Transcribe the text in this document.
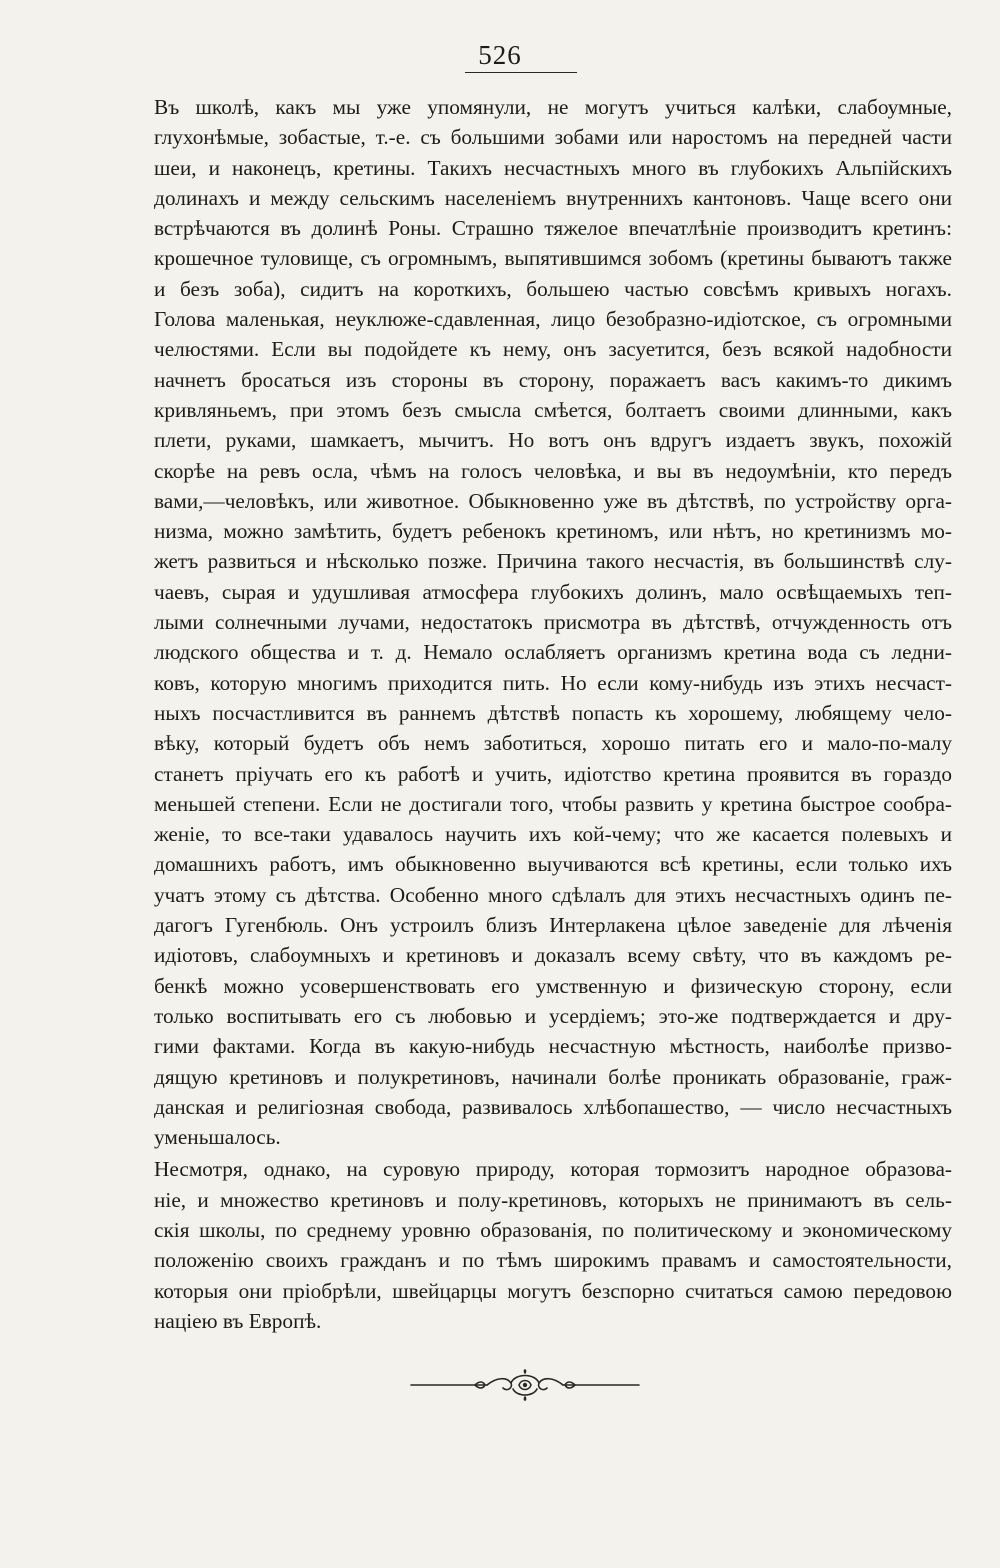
526

Въ школѣ, какъ мы уже упомянули, не могутъ учиться калѣки, слабоумные,
глухонѣмые, зобастые, т.-е. съ большими зобами или наростомъ на передней части
шеи, и наконецъ, кретины. Такихъ несчастныхъ много въ глубокихъ Альпійскихъ
долинахъ и между сельскимъ населеніемъ внутреннихъ кантоновъ. Чаще всего они
встрѣчаются въ долинѣ Роны. Страшно тяжелое впечатлѣніе производитъ кретинъ:
крошечное туловище, съ огромнымъ, выпятившимся зобомъ (кретины бываютъ также
и безъ зоба), сидитъ на короткихъ, большею частью совсѣмъ кривыхъ ногахъ.
Голова маленькая, неуклюже-сдавленная, лицо безобразно-идіотское, съ огромными
челюстями. Если вы подойдете къ нему, онъ засуетится, безъ всякой надобности
начнетъ бросаться изъ стороны въ сторону, поражаетъ васъ какимъ-то дикимъ
кривляньемъ, при этомъ безъ смысла смѣется, болтаетъ своими длинными, какъ
плети, руками, шамкаетъ, мычитъ. Но вотъ онъ вдругъ издаетъ звукъ, похожій
скорѣе на ревъ осла, чѣмъ на голосъ человѣка, и вы въ недоумѣніи, кто передъ
вами,—человѣкъ, или животное. Обыкновенно уже въ дѣтствѣ, по устройству орга-
низма, можно замѣтить, будетъ ребенокъ кретиномъ, или нѣтъ, но кретинизмъ мо-
жетъ развиться и нѣсколько позже. Причина такого несчастія, въ большинствѣ слу-
чаевъ, сырая и удушливая атмосфера глубокихъ долинъ, мало освѣщаемыхъ теп-
лыми солнечными лучами, недостатокъ присмотра въ дѣтствѣ, отчужденность отъ
людского общества и т. д. Немало ослабляетъ организмъ кретина вода съ ледни-
ковъ, которую многимъ приходится пить. Но если кому-нибудь изъ этихъ несчаст-
ныхъ посчастливится въ раннемъ дѣтствѣ попасть къ хорошему, любящему чело-
вѣку, который будетъ объ немъ заботиться, хорошо питать его и мало-по-малу
станетъ пріучать его къ работѣ и учить, идіотство кретина проявится въ гораздо
меньшей степени. Если не достигали того, чтобы развить у кретина быстрое сообра-
женіе, то все-таки удавалось научить ихъ кой-чему; что же касается полевыхъ и
домашнихъ работъ, имъ обыкновенно выучиваются всѣ кретины, если только ихъ
учатъ этому съ дѣтства. Особенно много сдѣлалъ для этихъ несчастныхъ одинъ пе-
дагогъ Гугенбюль. Онъ устроилъ близъ Интерлакена цѣлое заведеніе для лѣченія
идіотовъ, слабоумныхъ и кретиновъ и доказалъ всему свѣту, что въ каждомъ ре-
бенкѣ можно усовершенствовать его умственную и физическую сторону, если
только воспитывать его съ любовью и усердіемъ; это-же подтверждается и дру-
гими фактами. Когда въ какую-нибудь несчастную мѣстность, наиболѣе призво-
дящую кретиновъ и полукретиновъ, начинали болѣе проникать образованіе, граж-
данская и религіозная свобода, развивалось хлѣбопашество, — число несчастныхъ
уменьшалось.

Несмотря, однако, на суровую природу, которая тормозитъ народное образова-
ніе, и множество кретиновъ и полу-кретиновъ, которыхъ не принимаютъ въ сель-
скія школы, по среднему уровню образованія, по политическому и экономическому
положенію своихъ гражданъ и по тѣмъ широкимъ правамъ и самостоятельности,
которыя они пріобрѣли, швейцарцы могутъ безспорно считаться самою передовою
націею въ Европѣ.
